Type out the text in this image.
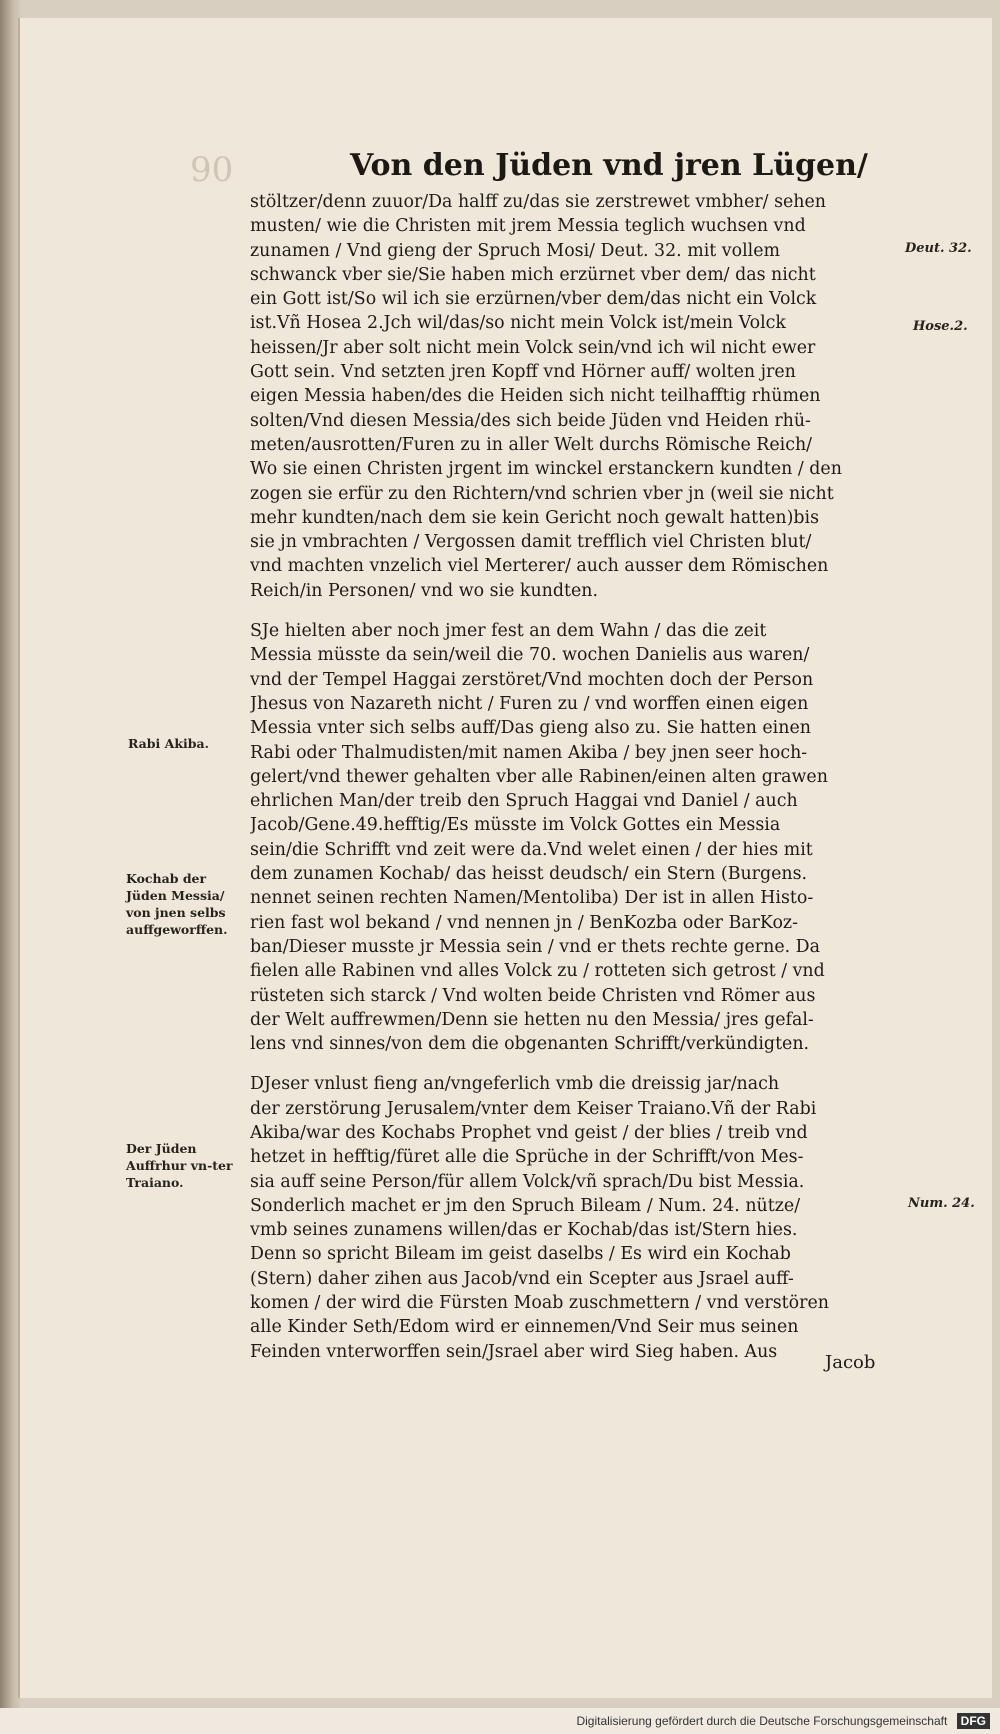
90	Von den Jüden vnd jren Lügen/
stöltzer/denn zuuor/Da halff zu/das sie zerstrewet vmbher/ sehen
musten/ wie die Christen mit jrem Messia teglich wuchsen vnd
zunamen / Vnd gieng der Spruch Mosi/ Deut. 32. mit vollem
schwanck vber sie/Sie haben mich erzürnet vber dem/ das nicht
ein Gott ist/So wil ich sie erzürnen/vber dem/das nicht ein Volck
ist.Vñ Hosea 2.Jch wil/das/so nicht mein Volck ist/mein Volck
heissen/Jr aber solt nicht mein Volck sein/vnd ich wil nicht ewer
Gott sein. Vnd setzten jren Kopff vnd Hörner auff/ wolten jren
eigen Messia haben/des die Heiden sich nicht teilhafftig rhümen
solten/Vnd diesen Messia/des sich beide Jüden vnd Heiden rhü-
meten/ausrotten/Furen zu in aller Welt durchs Römische Reich/
Wo sie einen Christen jrgent im winckel erstanckern kundten / den
zogen sie erfür zu den Richtern/vnd schrien vber jn (weil sie nicht
mehr kundten/nach dem sie kein Gericht noch gewalt hatten)bis
sie jn vmbrachten / Vergossen damit trefflich viel Christen blut/
vnd machten vnzelich viel Merterer/ auch ausser dem Römischen
Reich/in Personen/ vnd wo sie kundten.
SJe hielten aber noch jmer fest an dem Wahn / das die zeit
Messia müsste da sein/weil die 70. wochen Danielis aus waren/
vnd der Tempel Haggai zerstöret/Vnd mochten doch der Person
Jhesus von Nazareth nicht / Furen zu / vnd worffen einen eigen
Messia vnter sich selbs auff/Das gieng also zu. Sie hatten einen
Rabi oder Thalmudisten/mit namen Akiba / bey jnen seer hoch-
gelert/vnd thewer gehalten vber alle Rabinen/einen alten grawen
ehrlichen Man/der treib den Spruch Haggai vnd Daniel / auch
Jacob/Gene.49.hefftig/Es müsste im Volck Gottes ein Messia
sein/die Schrifft vnd zeit were da.Vnd welet einen / der hies mit
dem zunamen Kochab/ das heisst deudsch/ ein Stern (Burgens.
nennet seinen rechten Namen/Mentoliba) Der ist in allen Histo-
rien fast wol bekand / vnd nennen jn / BenKozba oder BarKoz-
ban/Dieser musste jr Messia sein / vnd er thets rechte gerne. Da
fielen alle Rabinen vnd alles Volck zu / rotteten sich getrost / vnd
rüsteten sich starck / Vnd wolten beide Christen vnd Römer aus
der Welt auffrewmen/Denn sie hetten nu den Messia/ jres gefal-
lens vnd sinnes/von dem die obgenanten Schrifft/verkündigten.
DJeser vnlust fieng an/vngeferlich vmb die dreissig jar/nach
der zerstörung Jerusalem/vnter dem Keiser Traiano.Vñ der Rabi
Akiba/war des Kochabs Prophet vnd geist / der blies / treib vnd
hetzet in hefftig/füret alle die Sprüche in der Schrifft/von Mes-
sia auff seine Person/für allem Volck/vñ sprach/Du bist Messia.
Sonderlich machet er jm den Spruch Bileam / Num. 24. nütze/
vmb seines zunamens willen/das er Kochab/das ist/Stern hies.
Denn so spricht Bileam im geist daselbs / Es wird ein Kochab
(Stern) daher zihen aus Jacob/vnd ein Scepter aus Jsrael auff-
komen / der wird die Fürsten Moab zuschmettern / vnd verstören
alle Kinder Seth/Edom wird er einnemen/Vnd Seir mus seinen
Feinden vnterworffen sein/Jsrael aber wird Sieg haben. Aus
Jacob
Deut. 32.
Hose.2.
Num. 24.
Rabi Akiba.
Kochab der Jüden Messia/ von jnen selbs auffgeworffen.
Der Jüden Auffrhur vn-ter Traiano.
Digitalisierung gefördert durch die Deutsche Forschungsgemeinschaft DFG
